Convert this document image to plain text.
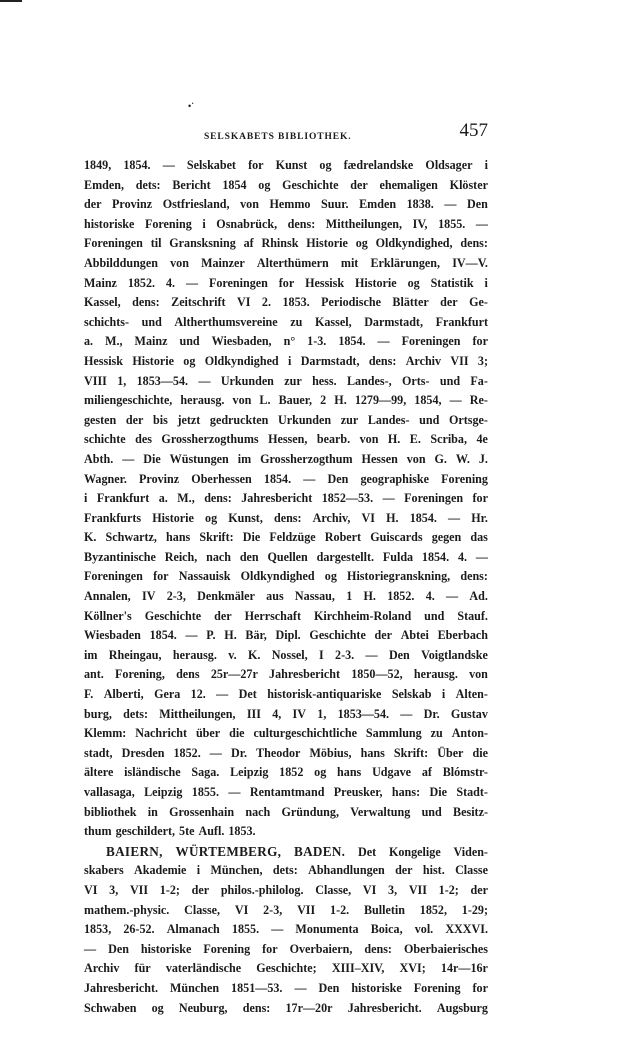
•˙
SELSKABETS BIBLIOTHEK.	457
1849, 1854. — Selskabet for Kunst og fædrelandske Oldsager i
Emden, dets: Bericht 1854 og Geschichte der ehemaligen Klöster
der Provinz Ostfriesland, von Hemmo Suur. Emden 1838. — Den
historiske Forening i Osnabrück, dens: Mittheilungen, IV, 1855. —
Foreningen til Gransksning af Rhinsk Historie og Oldkyndighed, dens:
Abbilddungen von Mainzer Alterthümern mit Erklärungen, IV—V.
Mainz 1852. 4. — Foreningen for Hessisk Historie og Statistik i
Kassel, dens: Zeitschrift VI 2. 1853. Periodische Blätter der Ge-
schichts- und Altherthumsvereine zu Kassel, Darmstadt, Frankfurt
a. M., Mainz und Wiesbaden, n° 1-3. 1854. — Foreningen for
Hessisk Historie og Oldkyndighed i Darmstadt, dens: Archiv VII 3;
VIII 1, 1853—54. — Urkunden zur hess. Landes-, Orts- und Fa-
miliengeschichte, herausg. von L. Bauer, 2 H. 1279—99, 1854, — Re-
gesten der bis jetzt gedruckten Urkunden zur Landes- und Ortsge-
schichte des Grossherzogthums Hessen, bearb. von H. E. Scriba, 4e
Abth. — Die Wüstungen im Grossherzogthum Hessen von G. W. J.
Wagner. Provinz Oberhessen 1854. — Den geographiske Forening
i Frankfurt a. M., dens: Jahresbericht 1852—53. — Foreningen for
Frankfurts Historie og Kunst, dens: Archiv, VI H. 1854. — Hr.
K. Schwartz, hans Skrift: Die Feldzüge Robert Guiscards gegen das
Byzantinische Reich, nach den Quellen dargestellt. Fulda 1854. 4. —
Foreningen for Nassauisk Oldkyndighed og Historiegranskning, dens:
Annalen, IV 2-3, Denkmäler aus Nassau, 1 H. 1852. 4. — Ad.
Köllner's Geschichte der Herrschaft Kirchheim-Roland und Stauf.
Wiesbaden 1854. — P. H. Bär, Dipl. Geschichte der Abtei Eberbach
im Rheingau, herausg. v. K. Nossel, I 2-3. — Den Voigtlandske
ant. Forening, dens 25r—27r Jahresbericht 1850—52, herausg. von
F. Alberti, Gera 12. — Det historisk-antiquariske Selskab i Alten-
burg, dets: Mittheilungen, III 4, IV 1, 1853—54. — Dr. Gustav
Klemm: Nachricht über die culturgeschichtliche Sammlung zu Anton-
stadt, Dresden 1852. — Dr. Theodor Möbius, hans Skrift: Über die
ältere isländische Saga. Leipzig 1852 og hans Udgave af Blómstr-
vallasaga, Leipzig 1855. — Rentamtmand Preusker, hans: Die Stadt-
bibliothek in Grossenhain nach Gründung, Verwaltung und Besitz-
thum geschildert, 5te Aufl. 1853.
BAIERN, WÜRTEMBERG, BADEN. Det Kongelige Viden-
skabers Akademie i München, dets: Abhandlungen der hist. Classe
VI 3, VII 1-2; der philos.-philolog. Classe, VI 3, VII 1-2; der
mathem.-physic. Classe, VI 2-3, VII 1-2. Bulletin 1852, 1-29;
1853, 26-52. Almanach 1855. — Monumenta Boica, vol. XXXVI.
— Den historiske Forening for Overbaiern, dens: Oberbaierisches
Archiv für vaterländische Geschichte; XIII–XIV, XVI; 14r—16r
Jahresbericht. München 1851—53. — Den historiske Forening for
Schwaben og Neuburg, dens: 17r—20r Jahresbericht. Augsburg
